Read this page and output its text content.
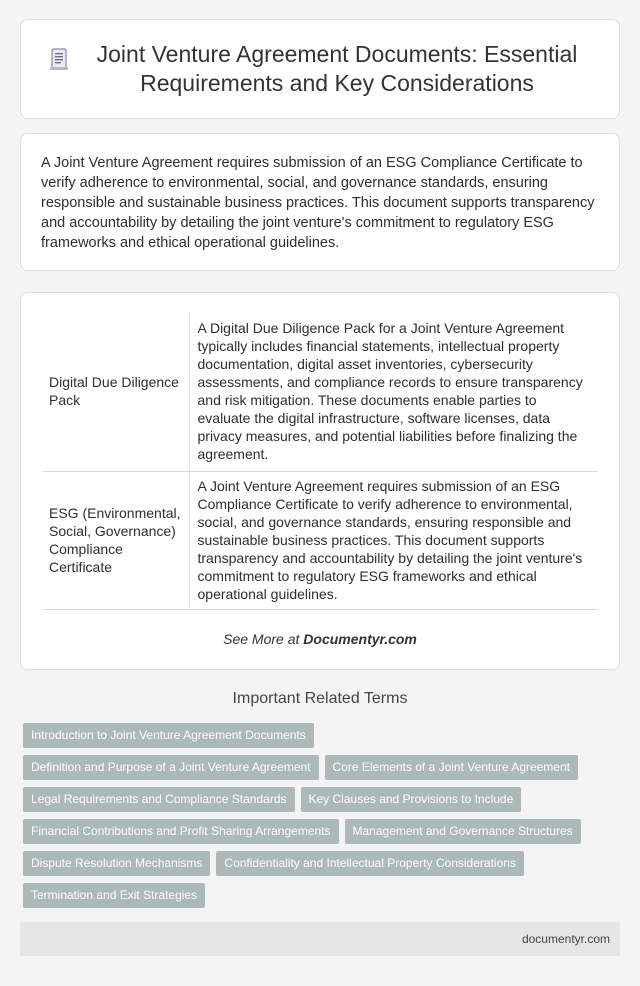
Joint Venture Agreement Documents: Essential Requirements and Key Considerations

A Joint Venture Agreement requires submission of an ESG Compliance Certificate to verify adherence to environmental, social, and governance standards, ensuring responsible and sustainable business practices. This document supports transparency and accountability by detailing the joint venture's commitment to regulatory ESG frameworks and ethical operational guidelines.

Digital Due Diligence Pack	A Digital Due Diligence Pack for a Joint Venture Agreement typically includes financial statements, intellectual property documentation, digital asset inventories, cybersecurity assessments, and compliance records to ensure transparency and risk mitigation. These documents enable parties to evaluate the digital infrastructure, software licenses, data privacy measures, and potential liabilities before finalizing the agreement.
ESG (Environmental, Social, Governance) Compliance Certificate	A Joint Venture Agreement requires submission of an ESG Compliance Certificate to verify adherence to environmental, social, and governance standards, ensuring responsible and sustainable business practices. This document supports transparency and accountability by detailing the joint venture's commitment to regulatory ESG frameworks and ethical operational guidelines.
See More at Documentyr.com
Important Related Terms
Introduction to Joint Venture Agreement Documents
Definition and Purpose of a Joint Venture Agreement Core Elements of a Joint Venture Agreement
Legal Requirements and Compliance Standards Key Clauses and Provisions to Include
Financial Contributions and Profit Sharing Arrangements Management and Governance Structures
Dispute Resolution Mechanisms Confidentiality and Intellectual Property Considerations
Termination and Exit Strategies
documentyr.com
